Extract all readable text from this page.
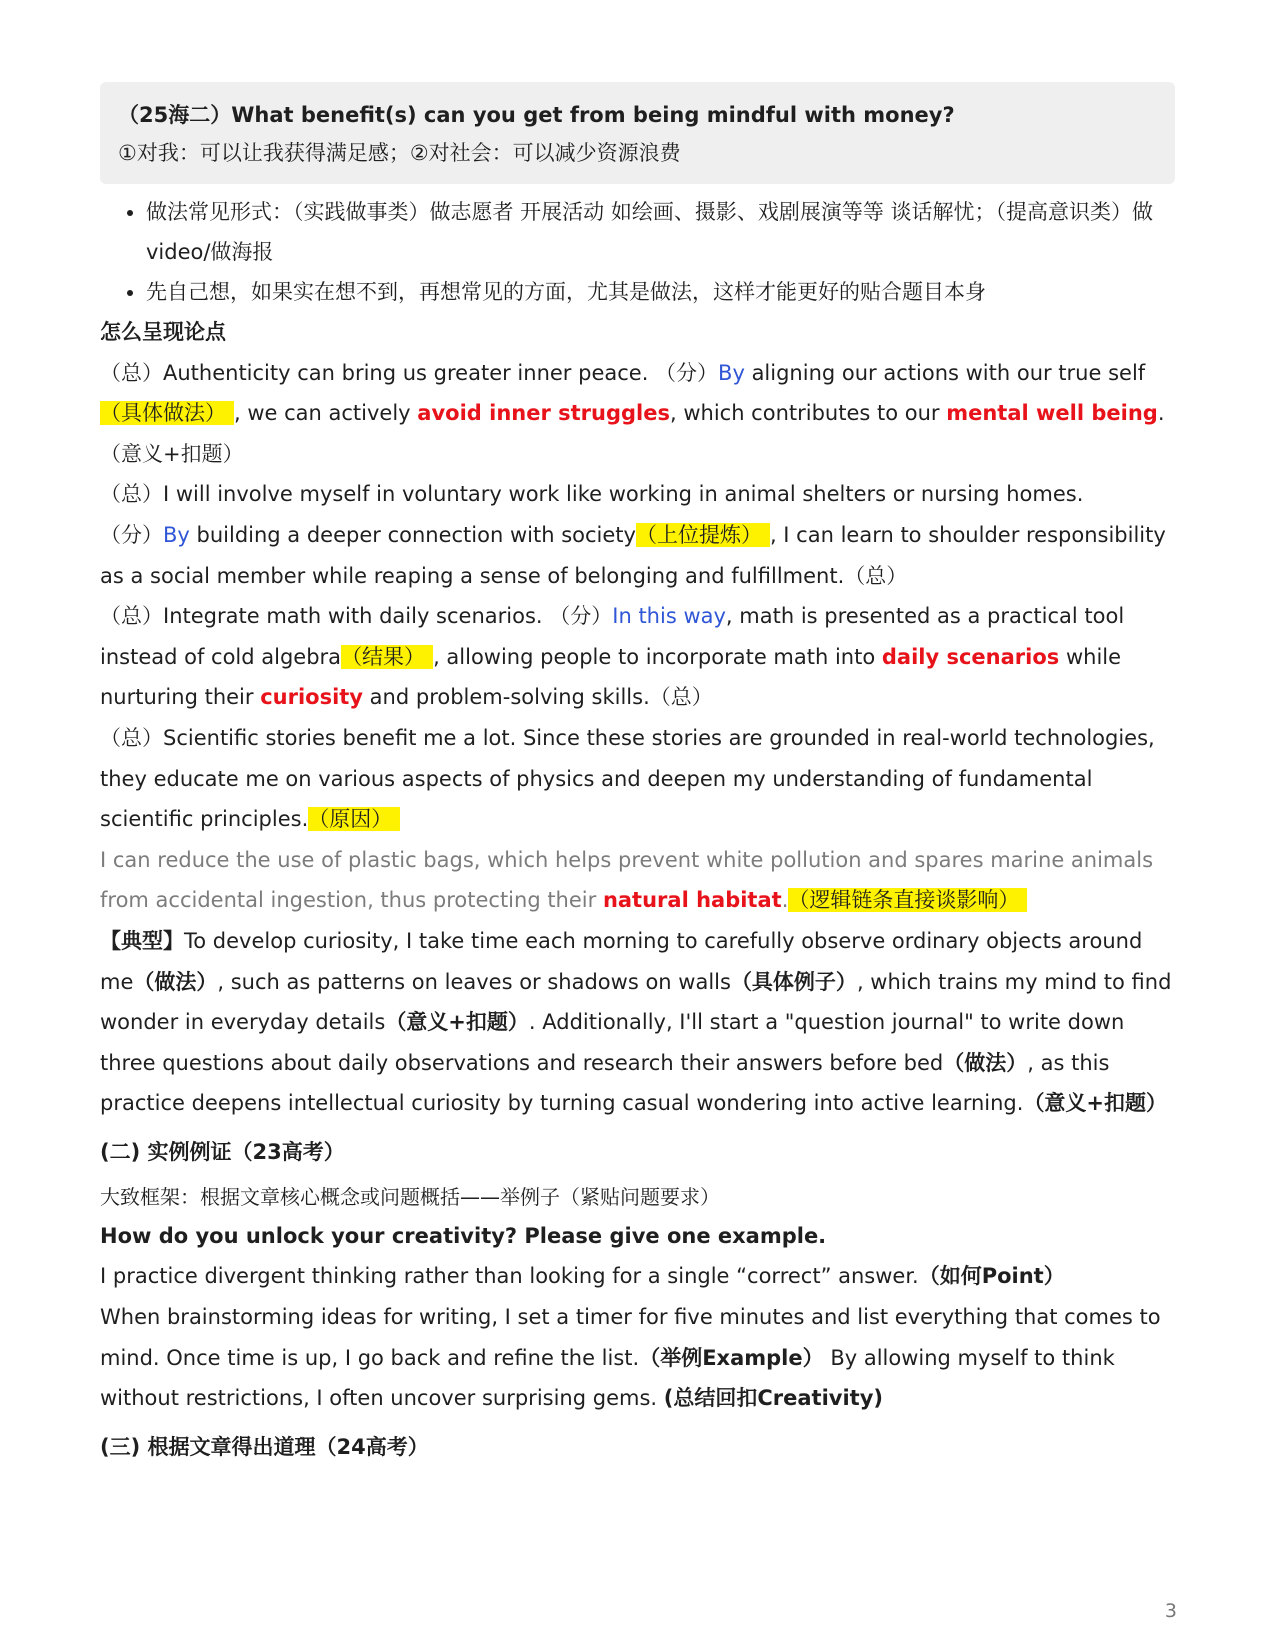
（25海二）What benefit(s) can you get from being mindful with money?
①对我：可以让我获得满足感；②对社会：可以减少资源浪费
• 做法常见形式：（实践做事类）做志愿者 开展活动 如绘画、摄影、戏剧展演等等 谈话解忧；（提高意识类）做video/做海报
• 先自己想，如果实在想不到，再想常见的方面，尤其是做法，这样才能更好的贴合题目本身

怎么呈现论点

（总）Authenticity can bring us greater inner peace. （分）By aligning our actions with our true self（具体做法） , we can actively avoid inner struggles, which contributes to our mental well being.（意义+扣题）

（总）I will involve myself in voluntary work like working in animal shelters or nursing homes.

（分）By building a deeper connection with society（上位提炼） , I can learn to shoulder responsibility as a social member while reaping a sense of belonging and fulfillment.（总）

（总）Integrate math with daily scenarios. （分）In this way, math is presented as a practical tool instead of cold algebra（结果） , allowing people to incorporate math into daily scenarios while nurturing their curiosity and problem-solving skills.（总）

（总）Scientific stories benefit me a lot. Since these stories are grounded in real-world technologies, they educate me on various aspects of physics and deepen my understanding of fundamental scientific principles.（原因）

I can reduce the use of plastic bags, which helps prevent white pollution and spares marine animals from accidental ingestion, thus protecting their natural habitat.（逻辑链条直接谈影响）

【典型】To develop curiosity, I take time each morning to carefully observe ordinary objects around me（做法）, such as patterns on leaves or shadows on walls（具体例子）, which trains my mind to find wonder in everyday details（意义+扣题）. Additionally, I'll start a "question journal" to write down three questions about daily observations and research their answers before bed（做法）, as this practice deepens intellectual curiosity by turning casual wondering into active learning.（意义+扣题）

(二) 实例例证（23高考）

大致框架：根据文章核心概念或问题概括——举例子（紧贴问题要求）

How do you unlock your creativity? Please give one example.

I practice divergent thinking rather than looking for a single “correct” answer.（如何Point）
When brainstorming ideas for writing, I set a timer for five minutes and list everything that comes to mind. Once time is up, I go back and refine the list.（举例Example） By allowing myself to think without restrictions, I often uncover surprising gems. (总结回扣Creativity)

(三) 根据文章得出道理（24高考）

3
